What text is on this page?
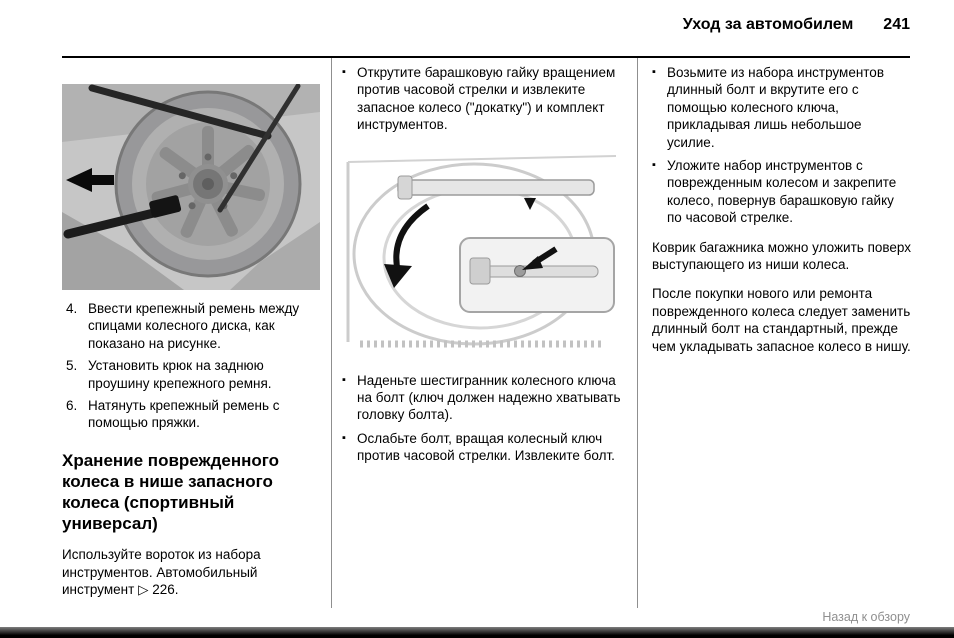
Уход за автомобилем 241
4. Ввести крепежный ремень между спицами колесного диска, как показано на рисунке.
5. Установить крюк на заднюю проушину крепежного ремня.
6. Натянуть крепежный ремень с помощью пряжки.
Хранение поврежденного колеса в нише запасного колеса (спортивный универсал)

Используйте вороток из набора инструментов. Автомобильный инструмент ▷ 226.

▪ Открутите барашковую гайку вращением против часовой стрелки и извлеките запасное колесо ("докатку") и комплект инструментов.
▪ Наденьте шестигранник колесного ключа на болт (ключ должен надежно хватывать головку болта).
▪ Ослабьте болт, вращая колесный ключ против часовой стрелки. Извлеките болт.
▪ Возьмите из набора инструментов длинный болт и вкрутите его с помощью колесного ключа, прикладывая лишь небольшое усилие.
▪ Уложите набор инструментов с поврежденным колесом и закрепите колесо, повернув барашковую гайку по часовой стрелке.

Коврик багажника можно уложить поверх выступающего из ниши колеса.

После покупки нового или ремонта поврежденного колеса следует заменить длинный болт на стандартный, прежде чем укладывать запасное колесо в нишу.

Назад к обзору
